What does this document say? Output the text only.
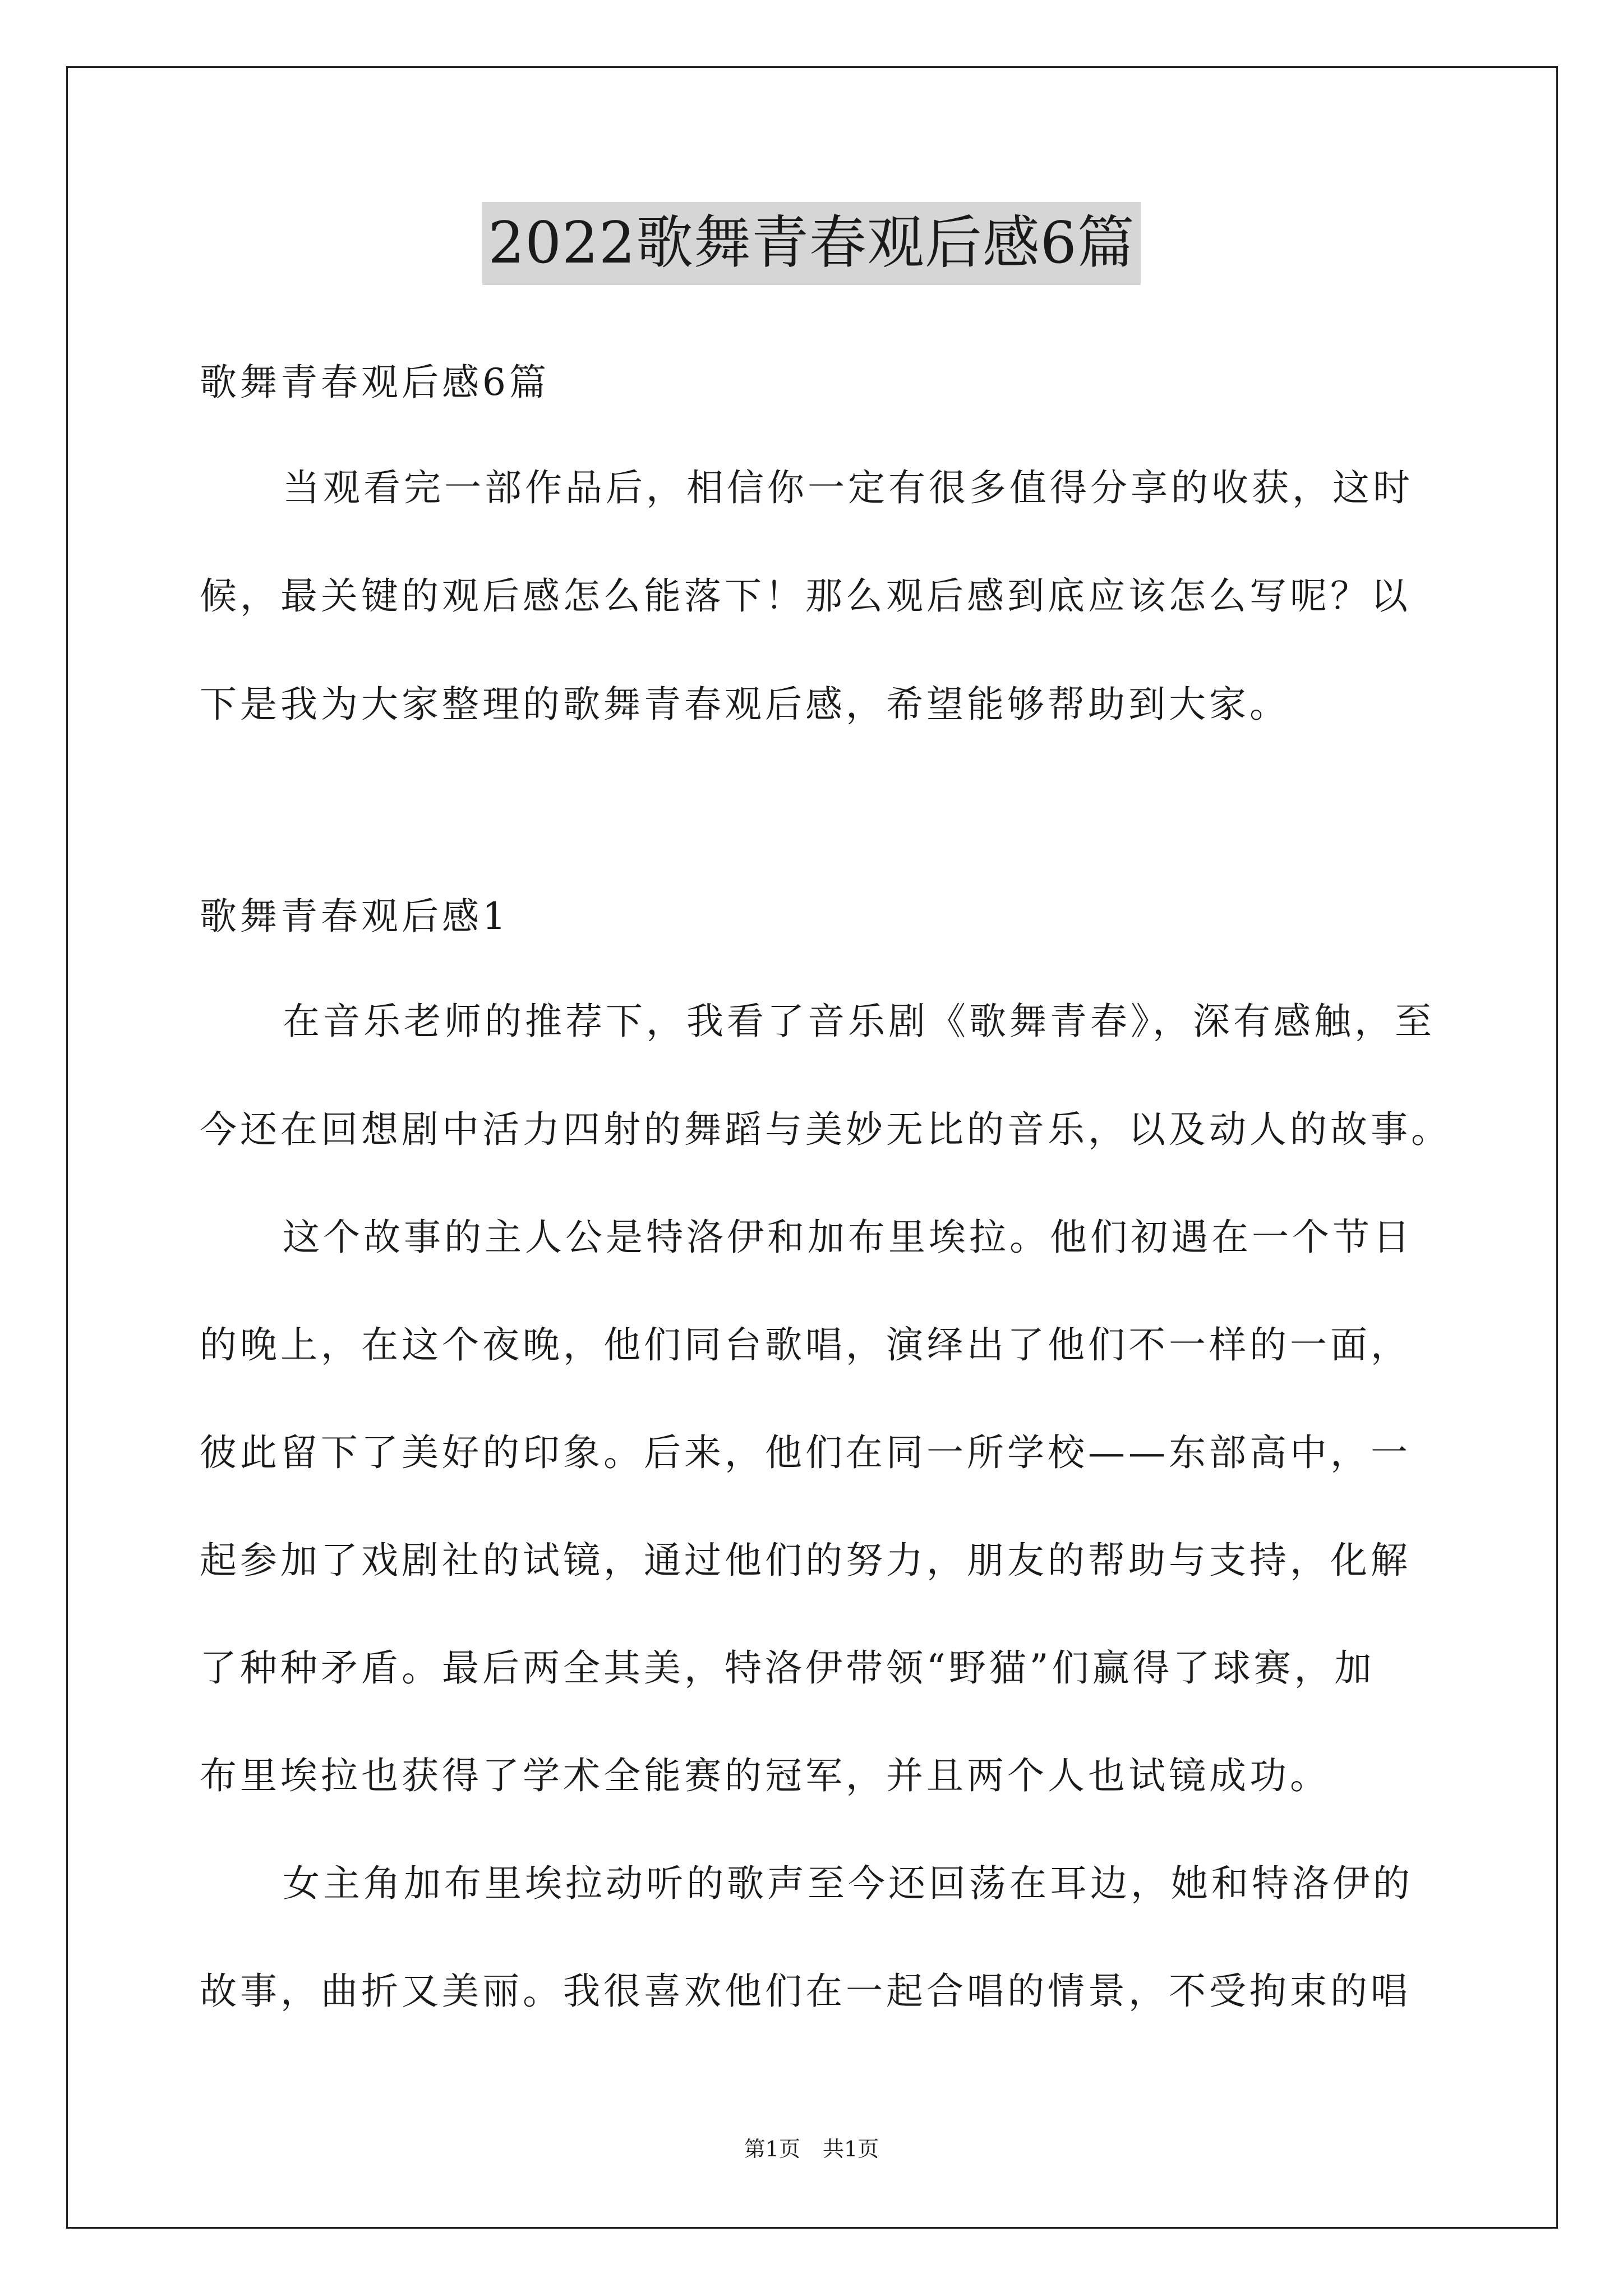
2022歌舞青春观后感6篇
歌舞青春观后感6篇
当观看完一部作品后，相信你一定有很多值得分享的收获，这时
候，最关键的观后感怎么能落下！那么观后感到底应该怎么写呢？以
下是我为大家整理的歌舞青春观后感，希望能够帮助到大家。
歌舞青春观后感1
在音乐老师的推荐下，我看了音乐剧《歌舞青春》，深有感触，至
今还在回想剧中活力四射的舞蹈与美妙无比的音乐，以及动人的故事。
这个故事的主人公是特洛伊和加布里埃拉。他们初遇在一个节日
的晚上，在这个夜晚，他们同台歌唱，演绎出了他们不一样的一面，
彼此留下了美好的印象。后来，他们在同一所学校——东部高中，一
起参加了戏剧社的试镜，通过他们的努力，朋友的帮助与支持，化解
了种种矛盾。最后两全其美，特洛伊带领“野猫”们赢得了球赛，加
布里埃拉也获得了学术全能赛的冠军，并且两个人也试镜成功。
女主角加布里埃拉动听的歌声至今还回荡在耳边，她和特洛伊的
故事，曲折又美丽。我很喜欢他们在一起合唱的情景，不受拘束的唱
第1页 共1页
